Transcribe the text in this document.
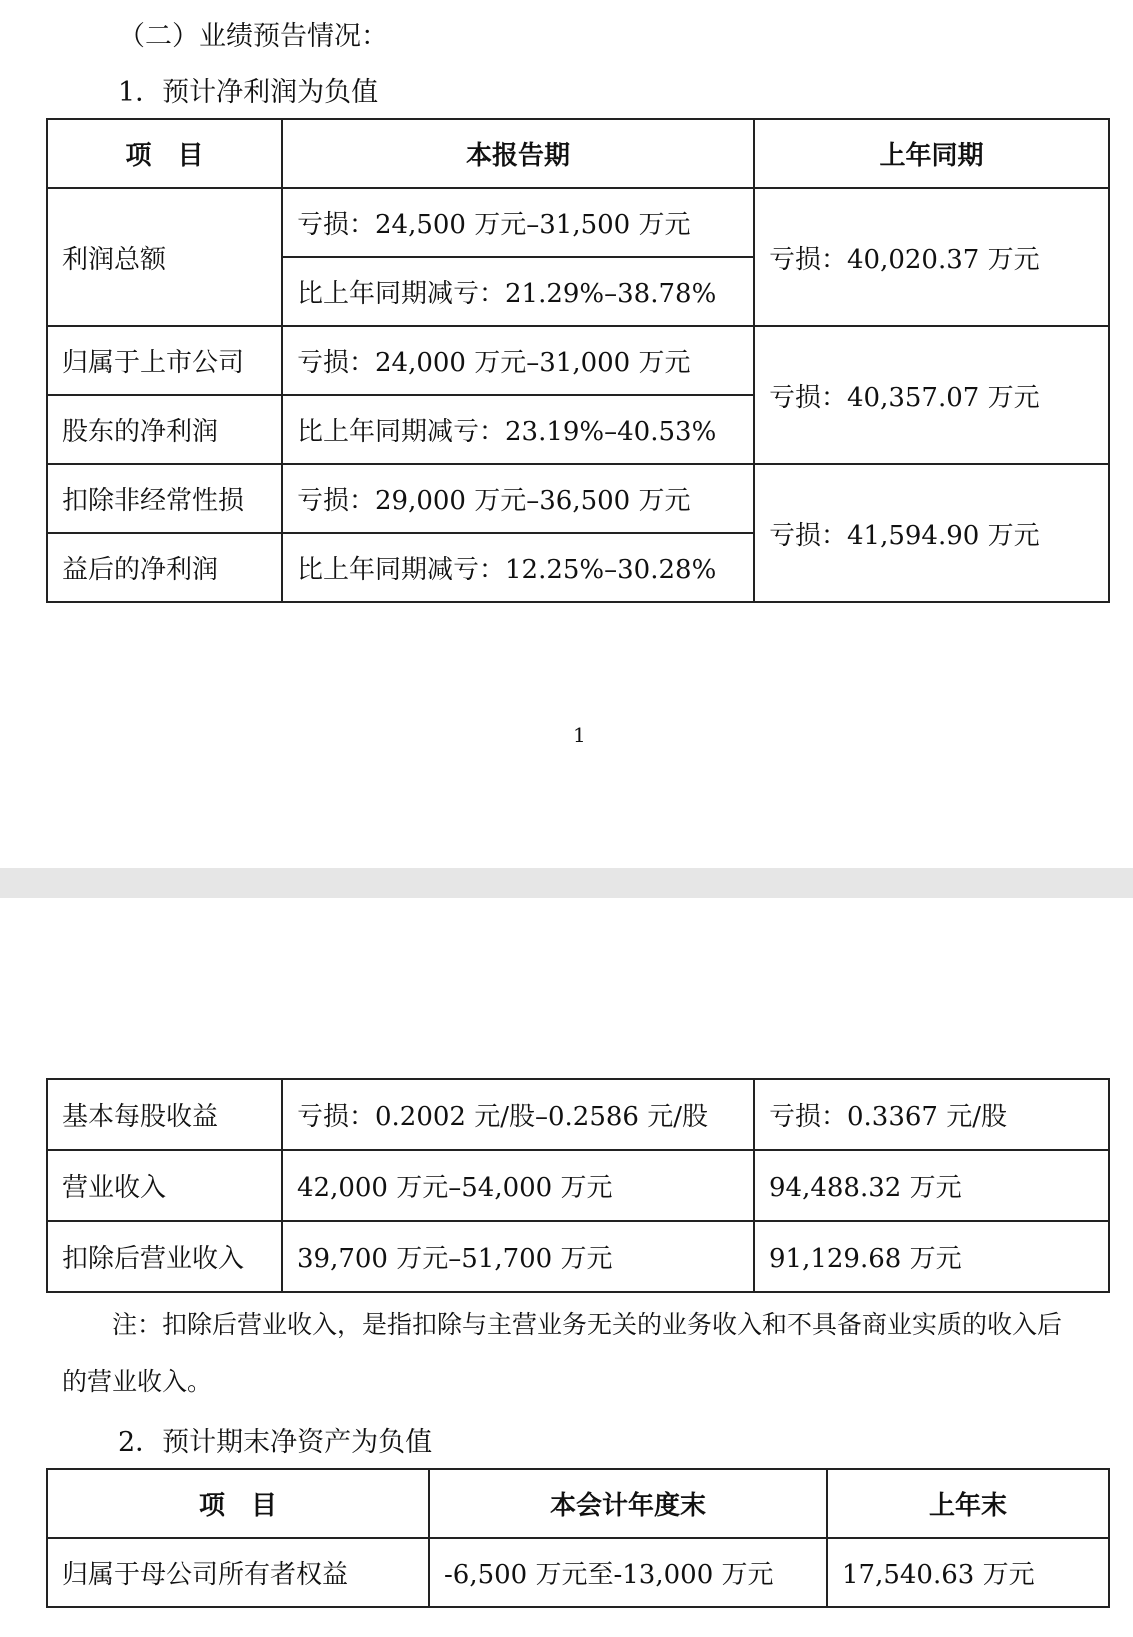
（二）业绩预告情况：
1．预计净利润为负值
项　目	本报告期	上年同期
利润总额	亏损：24,500 万元–31,500 万元	亏损：40,020.37 万元
	比上年同期减亏：21.29%–38.78%	
归属于上市公司	亏损：24,000 万元–31,000 万元	亏损：40,357.07 万元
股东的净利润	比上年同期减亏：23.19%–40.53%	
扣除非经常性损	亏损：29,000 万元–36,500 万元	亏损：41,594.90 万元
益后的净利润	比上年同期减亏：12.25%–30.28%	
1
基本每股收益	亏损：0.2002 元/股–0.2586 元/股	亏损：0.3367 元/股
营业收入	42,000 万元–54,000 万元	94,488.32 万元
扣除后营业收入	39,700 万元–51,700 万元	91,129.68 万元
注：扣除后营业收入，是指扣除与主营业务无关的业务收入和不具备商业实质的收入后
的营业收入。
2．预计期末净资产为负值
项　目	本会计年度末	上年末
归属于母公司所有者权益	-6,500 万元至-13,000 万元	17,540.63 万元
